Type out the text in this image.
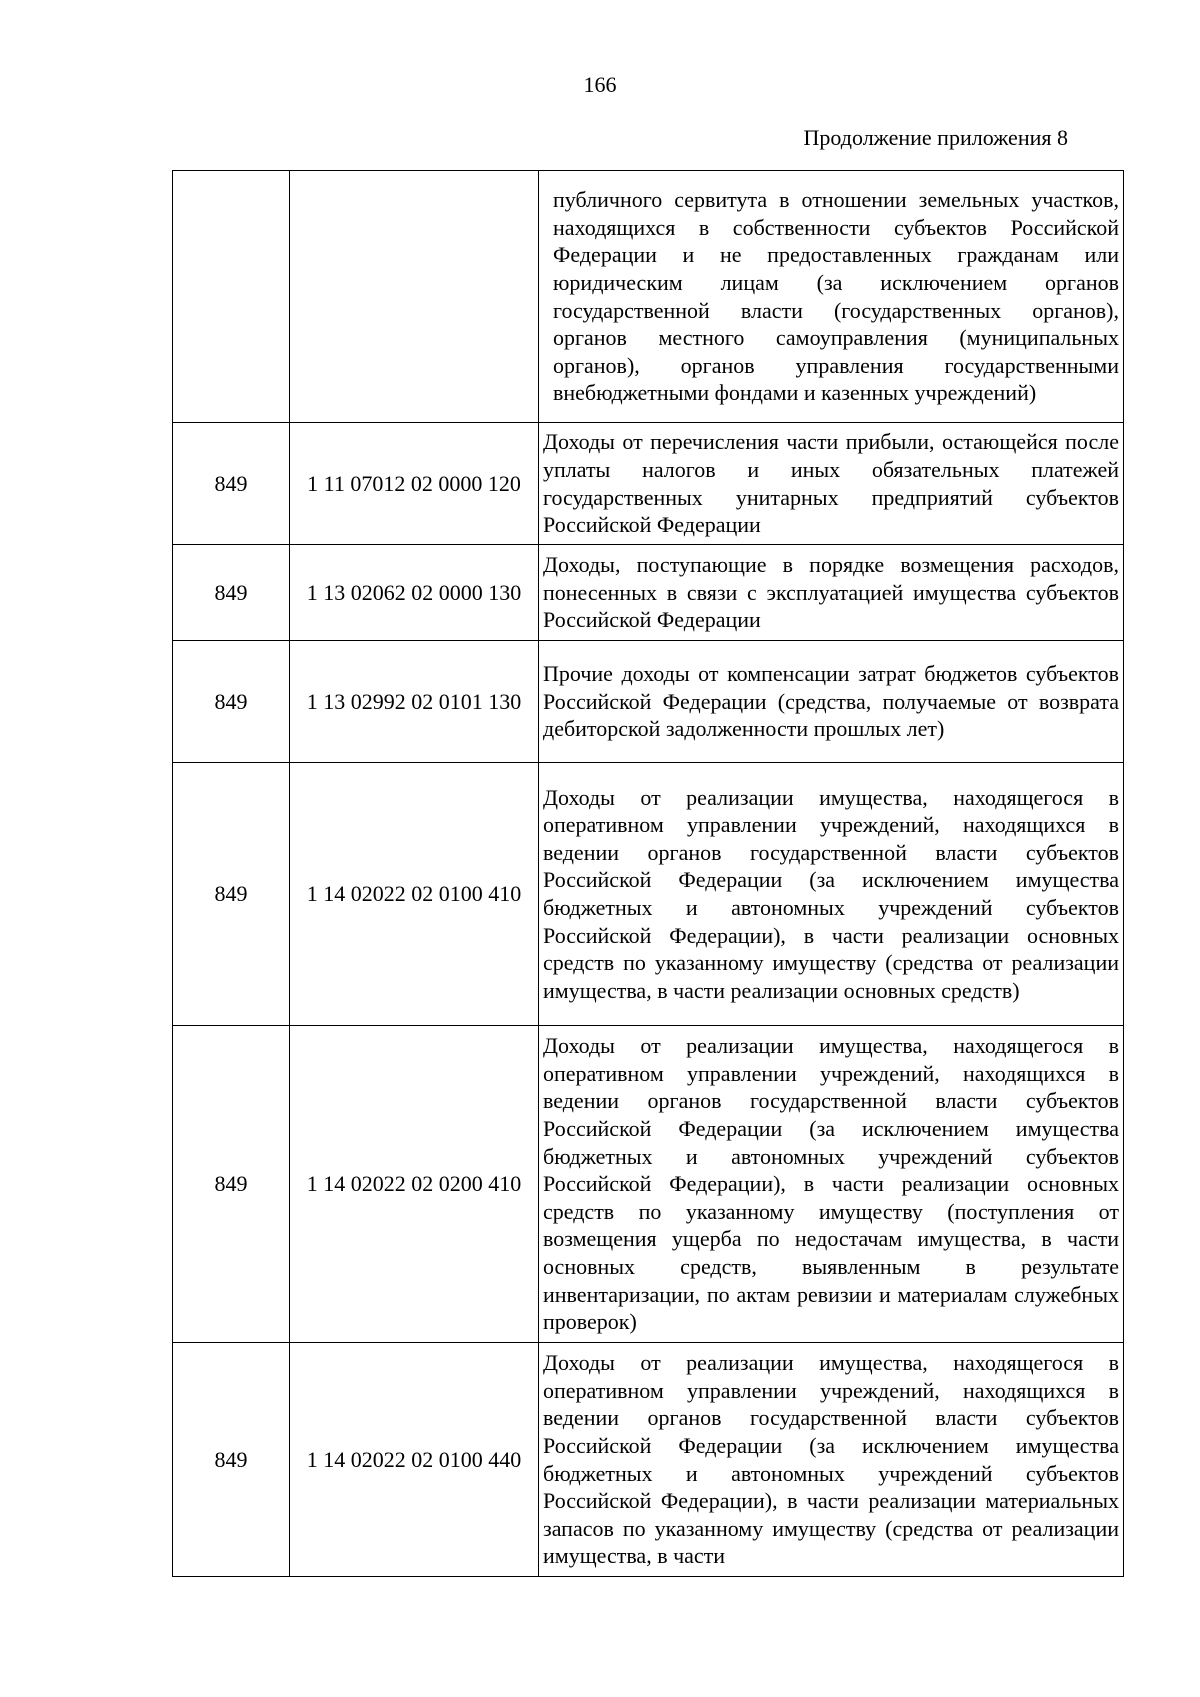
166
Продолжение приложения 8
		публичного сервитута в отношении земельных участков, находящихся в собственности субъектов Российской Федерации и не предоставленных гражданам или юридическим лицам (за исключением органов государственной власти (государственных органов), органов местного самоуправления (муниципальных органов), органов управления государственными внебюджетными фондами и казенных учреждений)
849	1 11 07012 02 0000 120	Доходы от перечисления части прибыли, остающейся после уплаты налогов и иных обязательных платежей государственных унитарных предприятий субъектов Российской Федерации
849	1 13 02062 02 0000 130	Доходы, поступающие в порядке возмещения расходов, понесенных в связи с эксплуатацией имущества субъектов Российской Федерации
849	1 13 02992 02 0101 130	Прочие доходы от компенсации затрат бюджетов субъектов Российской Федерации (средства, получаемые от возврата дебиторской задолженности прошлых лет)
849	1 14 02022 02 0100 410	Доходы от реализации имущества, находящегося в оперативном управлении учреждений, находящихся в ведении органов государственной власти субъектов Российской Федерации (за исключением имущества бюджетных и автономных учреждений субъектов Российской Федерации), в части реализации основных средств по указанному имуществу (средства от реализации имущества, в части реализации основных средств)
849	1 14 02022 02 0200 410	Доходы от реализации имущества, находящегося в оперативном управлении учреждений, находящихся в ведении органов государственной власти субъектов Российской Федерации (за исключением имущества бюджетных и автономных учреждений субъектов Российской Федерации), в части реализации основных средств по указанному имуществу (поступления от возмещения ущерба по недостачам имущества, в части основных средств, выявленным в результате инвентаризации, по актам ревизии и материалам служебных проверок)
849	1 14 02022 02 0100 440	Доходы от реализации имущества, находящегося в оперативном управлении учреждений, находящихся в ведении органов государственной власти субъектов Российской Федерации (за исключением имущества бюджетных и автономных учреждений субъектов Российской Федерации), в части реализации материальных запасов по указанному имуществу (средства от реализации имущества, в части
